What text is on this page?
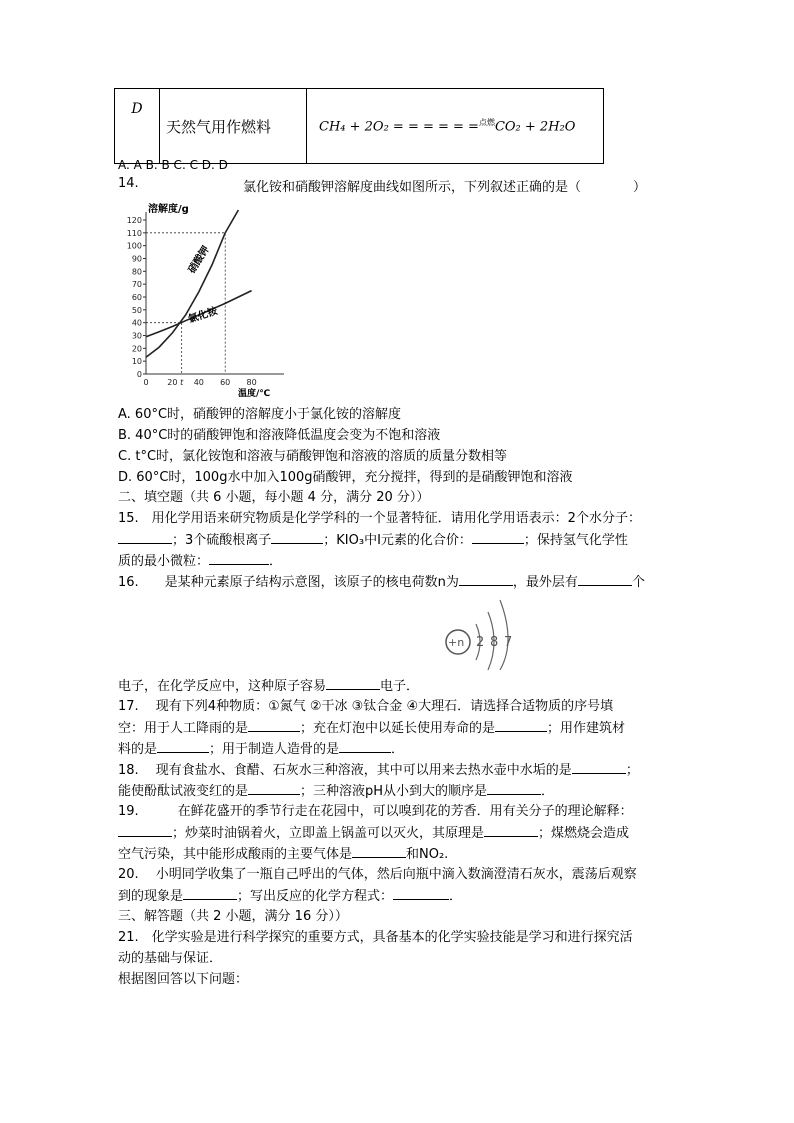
D	天然气用作燃料	CH₄ + 2O₂ = = = = = =$^{点燃}$CO₂ + 2H₂O
A. A B. B C. C D. D
14.	氯化铵和硝酸钾溶解度曲线如图所示，下列叙述正确的是（　　　　）
0
10
20
30
40
50
60
70
80
90
100
110
120
0 20 t 40 60 80
硝酸钾
氯化铵
溶解度/g
温度/℃
A. 60°C时，硝酸钾的溶解度小于氯化铵的溶解度
B. 40°C时的硝酸钾饱和溶液降低温度会变为不饱和溶液
C. t°C时，氯化铵饱和溶液与硝酸钾饱和溶液的溶质的质量分数相等
D. 60°C时，100g水中加入100g硝酸钾，充分搅拌，得到的是硝酸钾饱和溶液
二、填空题（共 6 小题，每小题 4 分，满分 20 分））
15.　用化学用语来研究物质是化学学科的一个显著特征．请用化学用语表示：2个水分子：
；3个硫酸根离子	；KIO₃中I元素的化合价：	；保持氢气化学性
质的最小微粒：	．
16.　　是某种元素原子结构示意图，该原子的核电荷数n为	，最外层有	个
+n 2 8 7
电子，在化学反应中，这种原子容易	电子．
17.　 现有下列4种物质：①氮气 ②干冰 ③钛合金 ④大理石．请选择合适物质的序号填
空：用于人工降雨的是	；充在灯泡中以延长使用寿命的是	；用作建筑材
料的是	；用于制造人造骨的是	．
18.　 现有食盐水、食醋、石灰水三种溶液，其中可以用来去热水壶中水垢的是	；
能使酚酞试液变红的是	；三种溶液pH从小到大的顺序是	．
19.　　　在鲜花盛开的季节行走在花园中，可以嗅到花的芳香．用有关分子的理论解释：
；炒菜时油锅着火，立即盖上锅盖可以灭火，其原理是	；煤燃烧会造成
空气污染，其中能形成酸雨的主要气体是	和NO₂.
20.　 小明同学收集了一瓶自己呼出的气体，然后向瓶中滴入数滴澄清石灰水，震荡后观察
到的现象是	；写出反应的化学方程式：	．
三、解答题（共 2 小题，满分 16 分））
21.　化学实验是进行科学探究的重要方式，具备基本的化学实验技能是学习和进行探究活
动的基础与保证．
根据图回答以下问题：
